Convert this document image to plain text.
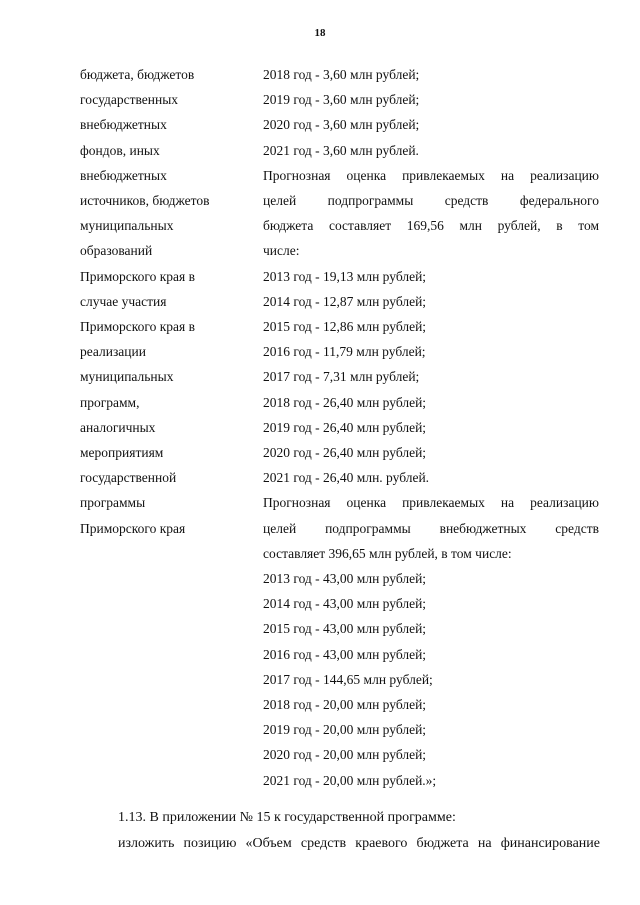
18
бюджета, бюджетов
государственных
внебюджетных
фондов, иных
внебюджетных
источников, бюджетов
муниципальных
образований
Приморского края в
случае участия
Приморского края в
реализации
муниципальных
программ,
аналогичных
мероприятиям
государственной
программы
Приморского края
2018 год - 3,60 млн рублей;
2019 год - 3,60 млн рублей;
2020 год - 3,60 млн рублей;
2021 год - 3,60 млн рублей.
Прогнозная оценка привлекаемых на реализацию
целей подпрограммы средств федерального
бюджета составляет 169,56 млн рублей, в том
числе:
2013 год - 19,13 млн рублей;
2014 год - 12,87 млн рублей;
2015 год - 12,86 млн рублей;
2016 год - 11,79 млн рублей;
2017 год - 7,31 млн рублей;
2018 год - 26,40 млн рублей;
2019 год - 26,40 млн рублей;
2020 год - 26,40 млн рублей;
2021 год - 26,40 млн. рублей.
Прогнозная оценка привлекаемых на реализацию
целей подпрограммы внебюджетных средств
составляет 396,65 млн рублей, в том числе:
2013 год - 43,00 млн рублей;
2014 год - 43,00 млн рублей;
2015 год - 43,00 млн рублей;
2016 год - 43,00 млн рублей;
2017 год - 144,65 млн рублей;
2018 год - 20,00 млн рублей;
2019 год - 20,00 млн рублей;
2020 год - 20,00 млн рублей;
2021 год - 20,00 млн рублей.»;
1.13. В приложении № 15 к государственной программе:
изложить позицию «Объем средств краевого бюджета на финансирование
